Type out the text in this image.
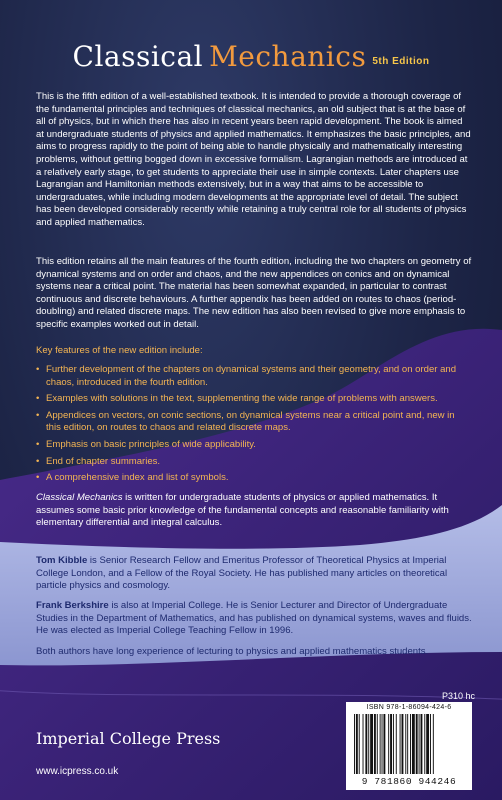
Classical Mechanics 5th Edition

This is the fifth edition of a well-established textbook. It is intended to provide a thorough coverage of the fundamental principles and techniques of classical mechanics, an old subject that is at the base of all of physics, but in which there has also in recent years been rapid development. The book is aimed at undergraduate students of physics and applied mathematics. It emphasizes the basic principles, and aims to progress rapidly to the point of being able to handle physically and mathematically interesting problems, without getting bogged down in excessive formalism. Lagrangian methods are introduced at a relatively early stage, to get students to appreciate their use in simple contexts. Later chapters use Lagrangian and Hamiltonian methods extensively, but in a way that aims to be accessible to undergraduates, while including modern developments at the appropriate level of detail. The subject has been developed considerably recently while retaining a truly central role for all students of physics and applied mathematics.

This edition retains all the main features of the fourth edition, including the two chapters on geometry of dynamical systems and on order and chaos, and the new appendices on conics and on dynamical systems near a critical point. The material has been somewhat expanded, in particular to contrast continuous and discrete behaviours. A further appendix has been added on routes to chaos (period-doubling) and related discrete maps. The new edition has also been revised to give more emphasis to specific examples worked out in detail.

Key features of the new edition include:

• Further development of the chapters on dynamical systems and their geometry, and on order and chaos, introduced in the fourth edition.
• Examples with solutions in the text, supplementing the wide range of problems with answers.
• Appendices on vectors, on conic sections, on dynamical systems near a critical point and, new in this edition, on routes to chaos and related discrete maps.
• Emphasis on basic principles of wide applicability.
• End of chapter summaries.
• A comprehensive index and list of symbols.

Classical Mechanics is written for undergraduate students of physics or applied mathematics. It assumes some basic prior knowledge of the fundamental concepts and reasonable familiarity with elementary differential and integral calculus.

Tom Kibble is Senior Research Fellow and Emeritus Professor of Theoretical Physics at Imperial College London, and a Fellow of the Royal Society. He has published many articles on theoretical particle physics and cosmology.

Frank Berkshire is also at Imperial College. He is Senior Lecturer and Director of Undergraduate Studies in the Department of Mathematics, and has published on dynamical systems, waves and fluids. He was elected as Imperial College Teaching Fellow in 1996.

Both authors have long experience of lecturing to physics and applied mathematics students.

Imperial College Press
www.icpress.co.uk
P310 hc
ISBN 978-1-86094-424-6
9 781860 944246
